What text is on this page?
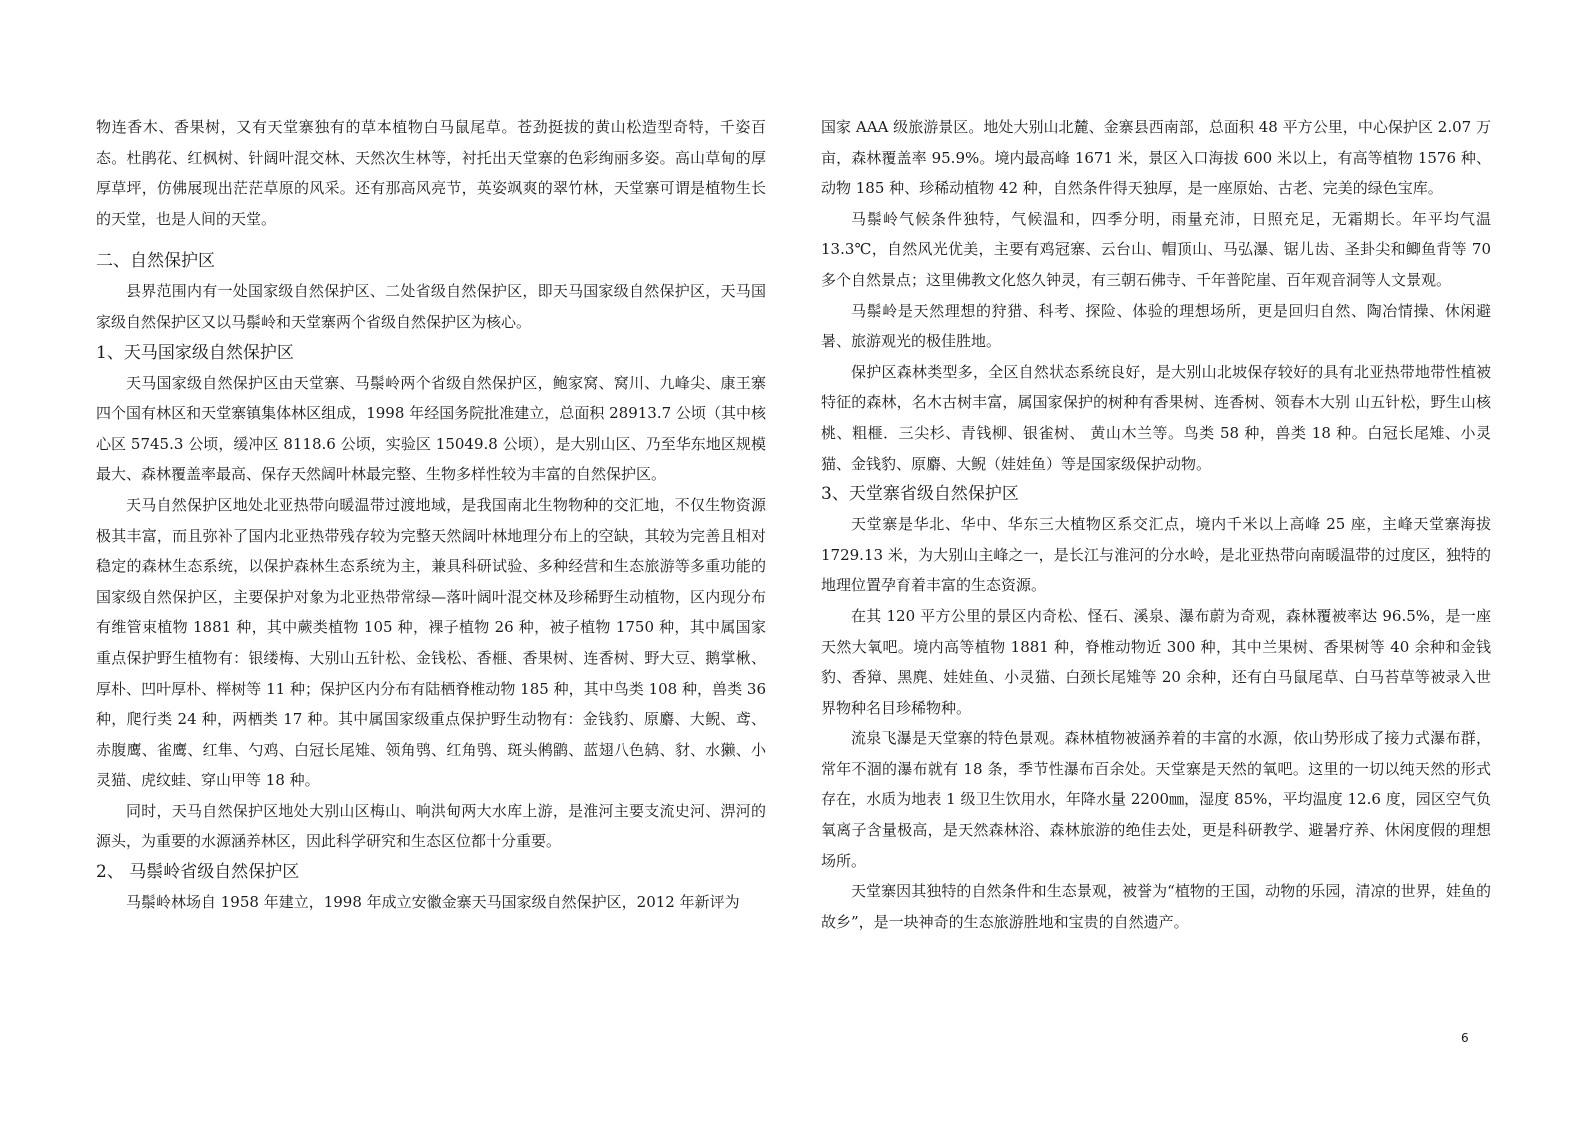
物连香木、香果树，又有天堂寨独有的草本植物白马鼠尾草。苍劲挺拔的黄山松造型奇特，千姿百态。杜鹃花、红枫树、针阔叶混交林、天然次生林等，衬托出天堂寨的色彩绚丽多姿。高山草甸的厚厚草坪，仿佛展现出茫茫草原的风采。还有那高风亮节，英姿飒爽的翠竹林，天堂寨可谓是植物生长的天堂，也是人间的天堂。

二、自然保护区

县界范围内有一处国家级自然保护区、二处省级自然保护区，即天马国家级自然保护区，天马国家级自然保护区又以马鬃岭和天堂寨两个省级自然保护区为核心。

1、天马国家级自然保护区

天马国家级自然保护区由天堂寨、马鬃岭两个省级自然保护区，鲍家窝、窝川、九峰尖、康王寨四个国有林区和天堂寨镇集体林区组成，1998 年经国务院批准建立，总面积 28913.7 公顷（其中核心区 5745.3 公顷，缓冲区 8118.6 公顷，实验区 15049.8 公顷），是大别山区、乃至华东地区规模最大、森林覆盖率最高、保存天然阔叶林最完整、生物多样性较为丰富的自然保护区。

天马自然保护区地处北亚热带向暖温带过渡地域，是我国南北生物物种的交汇地，不仅生物资源极其丰富，而且弥补了国内北亚热带残存较为完整天然阔叶林地理分布上的空缺，其较为完善且相对稳定的森林生态系统，以保护森林生态系统为主，兼具科研试验、多种经营和生态旅游等多重功能的国家级自然保护区，主要保护对象为北亚热带常绿—落叶阔叶混交林及珍稀野生动植物，区内现分布有维管束植物 1881 种，其中蕨类植物 105 种，裸子植物 26 种，被子植物 1750 种，其中属国家重点保护野生植物有：银缕梅、大别山五针松、金钱松、香榧、香果树、连香树、野大豆、鹅掌楸、厚朴、凹叶厚朴、榉树等 11 种；保护区内分布有陆栖脊椎动物 185 种，其中鸟类 108 种，兽类 36 种，爬行类 24 种，两栖类 17 种。其中属国家级重点保护野生动物有：金钱豹、原麝、大鲵、鸢、赤腹鹰、雀鹰、红隼、勺鸡、白冠长尾雉、领角鸮、红角鸮、斑头鸺鹠、蓝翅八色鸫、豺、水獭、小灵猫、虎纹蛙、穿山甲等 18 种。

同时，天马自然保护区地处大别山区梅山、响洪甸两大水库上游，是淮河主要支流史河、淠河的源头，为重要的水源涵养林区，因此科学研究和生态区位都十分重要。

2、 马鬃岭省级自然保护区

马鬃岭林场自 1958 年建立，1998 年成立安徽金寨天马国家级自然保护区，2012 年新评为

国家 AAA 级旅游景区。地处大别山北麓、金寨县西南部，总面积 48 平方公里，中心保护区 2.07 万亩，森林覆盖率 95.9%。境内最高峰 1671 米，景区入口海拔 600 米以上，有高等植物 1576 种、动物 185 种、珍稀动植物 42 种，自然条件得天独厚，是一座原始、古老、完美的绿色宝库。

马鬃岭气候条件独特，气候温和，四季分明，雨量充沛，日照充足，无霜期长。年平均气温 13.3℃，自然风光优美，主要有鸡冠寨、云台山、帽顶山、马弘瀑、锯儿齿、圣卦尖和鲫鱼背等 70 多个自然景点；这里佛教文化悠久钟灵，有三朝石佛寺、千年普陀崖、百年观音洞等人文景观。

马鬃岭是天然理想的狩猎、科考、探险、体验的理想场所，更是回归自然、陶冶情操、休闲避暑、旅游观光的极佳胜地。

保护区森林类型多，全区自然状态系统良好，是大别山北坡保存较好的具有北亚热带地带性植被特征的森林，名木古树丰富，属国家保护的树种有香果树、连香树、领春木大别 山五针松，野生山核桃、粗榧．三尖杉、青钱柳、银雀树、 黄山木兰等。鸟类 58 种，兽类 18 种。白冠长尾雉、小灵猫、金钱豹、原麝、大鲵（娃娃鱼）等是国家级保护动物。

3、天堂寨省级自然保护区

天堂寨是华北、华中、华东三大植物区系交汇点，境内千米以上高峰 25 座，主峰天堂寨海拔 1729.13 米，为大别山主峰之一，是长江与淮河的分水岭，是北亚热带向南暖温带的过度区，独特的地理位置孕育着丰富的生态资源。

在其 120 平方公里的景区内奇松、怪石、溪泉、瀑布蔚为奇观，森林覆被率达 96.5%，是一座天然大氧吧。境内高等植物 1881 种，脊椎动物近 300 种，其中兰果树、香果树等 40 余种和金钱豹、香獐、黑麂、娃娃鱼、小灵猫、白颈长尾雉等 20 余种，还有白马鼠尾草、白马苔草等被录入世界物种名目珍稀物种。

流泉飞瀑是天堂寨的特色景观。森林植物被涵养着的丰富的水源，依山势形成了接力式瀑布群，常年不涸的瀑布就有 18 条，季节性瀑布百余处。天堂寨是天然的氧吧。这里的一切以纯天然的形式存在，水质为地表 1 级卫生饮用水，年降水量 2200㎜，湿度 85%，平均温度 12.6 度，园区空气负氧离子含量极高，是天然森林浴、森林旅游的绝佳去处，更是科研教学、避暑疗养、休闲度假的理想场所。

天堂寨因其独特的自然条件和生态景观，被誉为“植物的王国，动物的乐园，清凉的世界，娃鱼的故乡”，是一块神奇的生态旅游胜地和宝贵的自然遗产。

6
